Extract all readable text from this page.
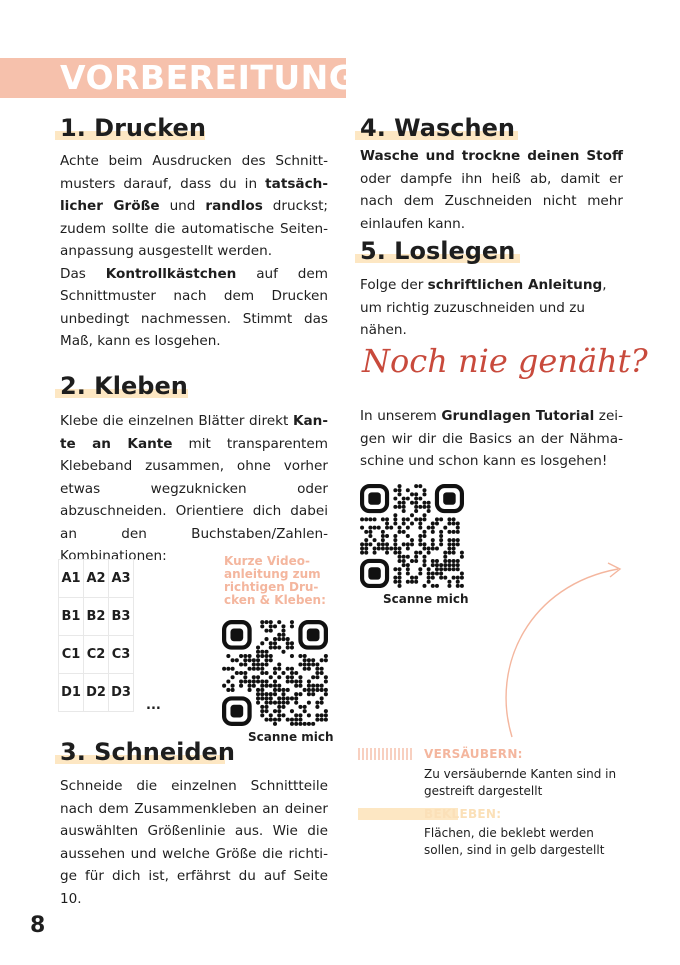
VORBEREITUNG
1. Drucken
Achte beim Ausdrucken des Schnittmusters darauf, dass du in tatsächlicher Größe und randlos druckst; zudem sollte die automatische Seitenanpassung ausgestellt werden.
Das Kontrollkästchen auf dem Schnittmuster nach dem Drucken unbedingt nachmessen. Stimmt das Maß, kann es losgehen.
2. Kleben
Klebe die einzelnen Blätter direkt Kante an Kante mit transparentem Klebeband zusammen, ohne vorher etwas wegzuknicken oder abzuschneiden. Orientiere dich dabei an den Buchstaben/Zahlen-Kombinationen:
A1	A2	A3
B1	B2	B3
C1	C2	C3
D1	D2	D3
...
Kurze Video-anleitung zum richtigen Dru-cken & Kleben:
Scanne mich
3. Schneiden
Schneide die einzelnen Schnittteile nach dem Zusammenkleben an deiner auswählten Größenlinie aus. Wie die aussehen und welche Größe die richtige für dich ist, erfährst du auf Seite 10.
4. Waschen
Wasche und trockne deinen Stoff oder dampfe ihn heiß ab, damit er nach dem Zuschneiden nicht mehr einlaufen kann.
5. Loslegen
Folge der schriftlichen Anleitung, um richtig zuzuschneiden und zu nähen.
Noch nie genäht?
In unserem Grundlagen Tutorial zeigen wir dir die Basics an der Nähmaschine und schon kann es losgehen!
Scanne mich
VERSÄUBERN:
Zu versäubernde Kanten sind in gestreift dargestellt
BEKLEBEN:
Flächen, die beklebt werden sollen, sind in gelb dargestellt
8
